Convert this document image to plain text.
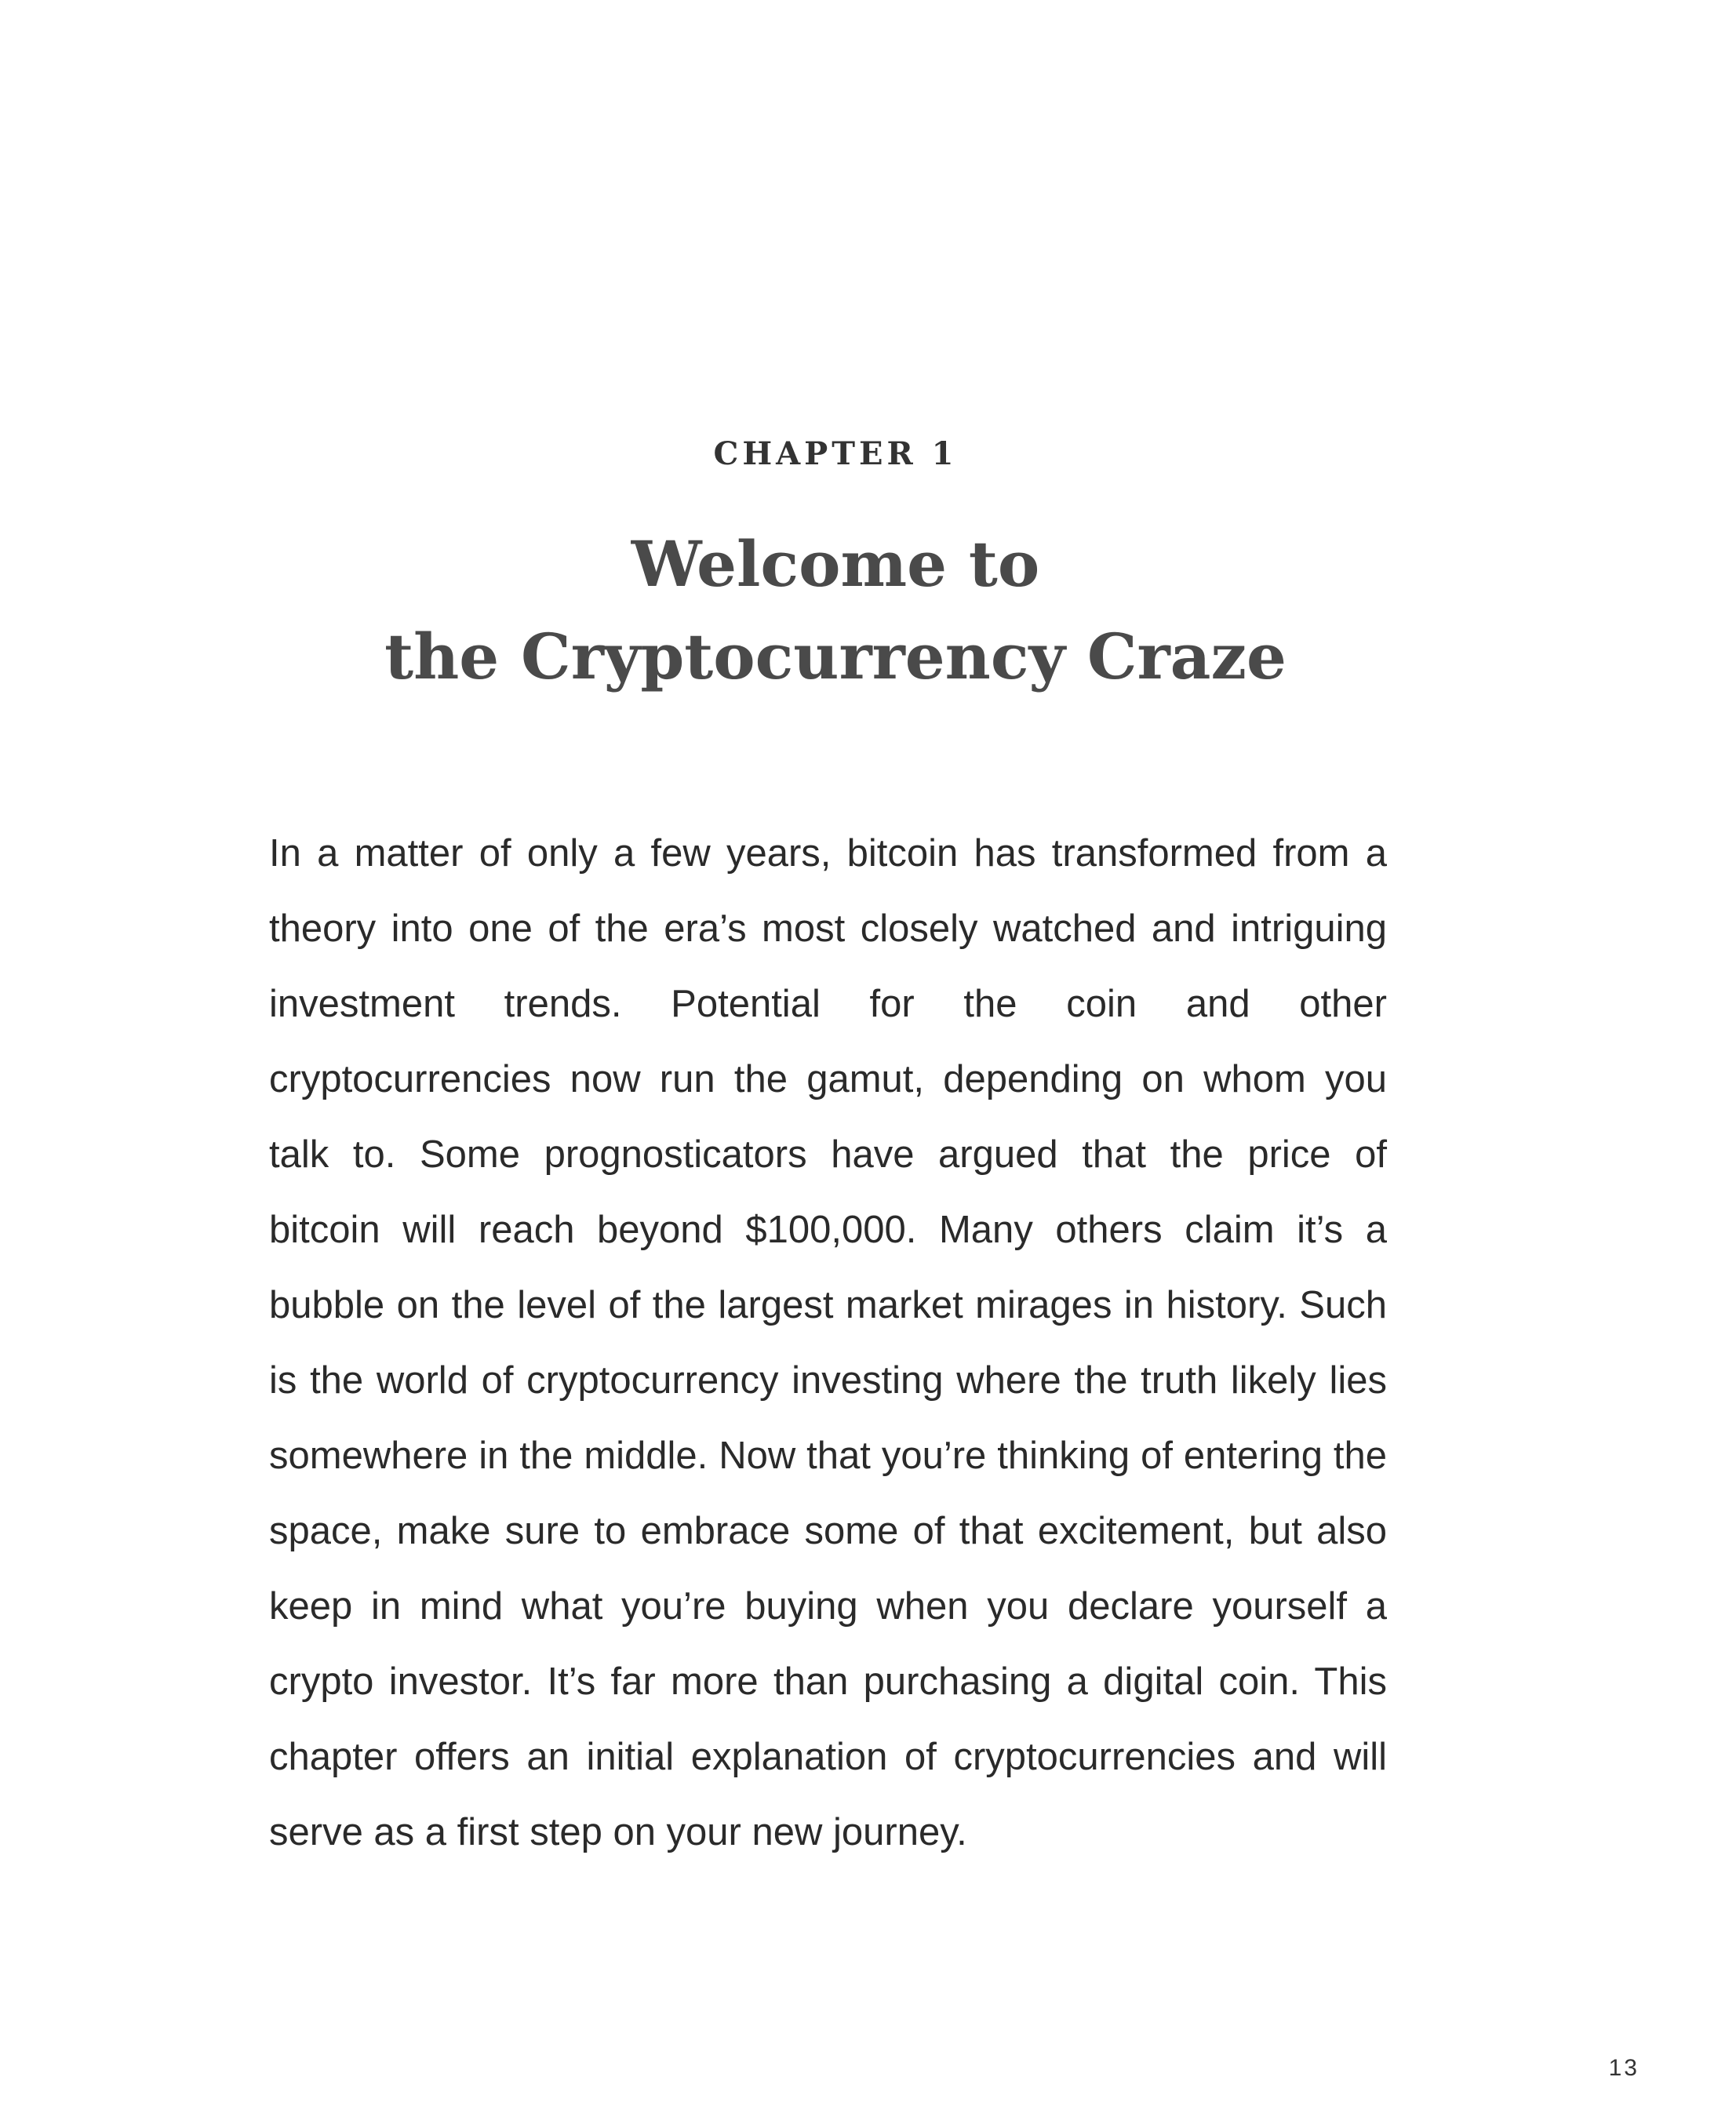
CHAPTER 1
Welcome to
the Cryptocurrency Craze

In a matter of only a few years, bitcoin has transformed from a theory into one of the era’s most closely watched and intriguing investment trends. Potential for the coin and other cryptocurrencies now run the gamut, depending on whom you talk to. Some prognosticators have argued that the price of bitcoin will reach beyond $100,000. Many others claim it’s a bubble on the level of the largest market mirages in history. Such is the world of cryptocurrency investing where the truth likely lies somewhere in the middle. Now that you’re thinking of entering the space, make sure to embrace some of that excitement, but also keep in mind what you’re buying when you declare yourself a crypto investor. It’s far more than purchasing a digital coin. This chapter offers an initial explanation of cryptocurrencies and will serve as a first step on your new journey.

13
